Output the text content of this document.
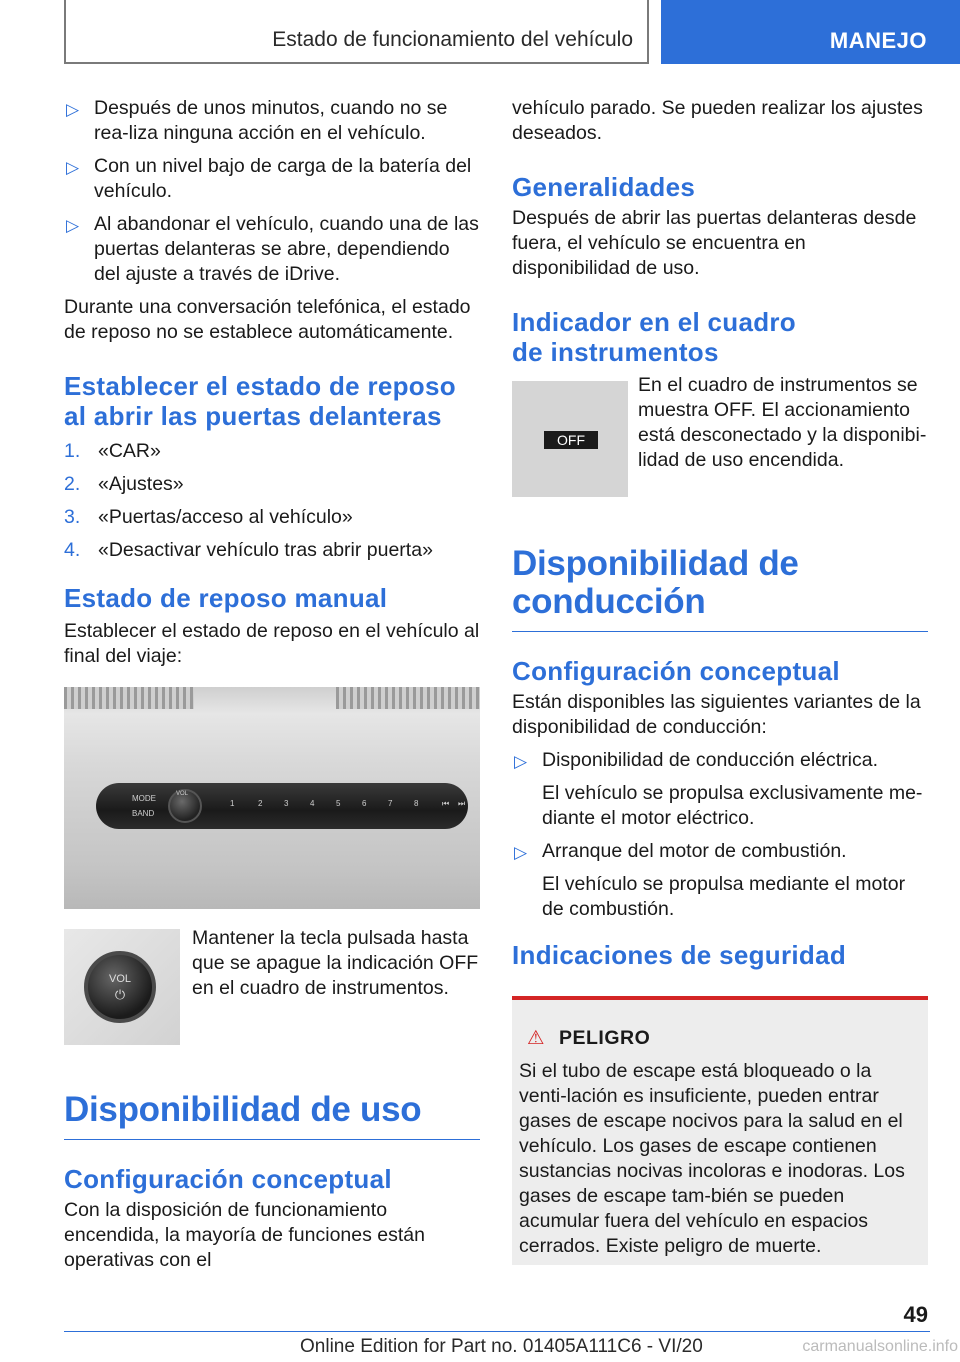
Estado de funcionamiento del vehículo	MANEJO
▷ Después de unos minutos, cuando no se rea-liza ninguna acción en el vehículo.
▷ Con un nivel bajo de carga de la batería del vehículo.
▷ Al abandonar el vehículo, cuando una de las puertas delanteras se abre, dependiendo del ajuste a través de iDrive.

Durante una conversación telefónica, el estado de reposo no se establece automáticamente.

Establecer el estado de reposo al abrir las puertas delanteras
1. «CAR»
2. «Ajustes»
3. «Puertas/acceso al vehículo»
4. «Desactivar vehículo tras abrir puerta»
Estado de reposo manual

Establecer el estado de reposo en el vehículo al final del viaje:

MODE
BAND
VOL
1	2	3	4	5	6	7	8	⏮ ⏭
VOL
⏻

Mantener la tecla pulsada hasta que se apague la indicación OFF en el cuadro de instrumentos.

Disponibilidad de uso
Configuración conceptual

Con la disposición de funcionamiento encendida, la mayoría de funciones están operativas con el

vehículo parado. Se pueden realizar los ajustes deseados.

Generalidades

Después de abrir las puertas delanteras desde fuera, el vehículo se encuentra en disponibilidad de uso.

Indicador en el cuadro
de instrumentos
OFF

En el cuadro de instrumentos se muestra OFF. El accionamiento está desconectado y la disponibi-lidad de uso encendida.

Disponibilidad de conducción
Configuración conceptual

Están disponibles las siguientes variantes de la disponibilidad de conducción:

▷ Disponibilidad de conducción eléctrica.
El vehículo se propulsa exclusivamente me-diante el motor eléctrico.
▷ Arranque del motor de combustión.
El vehículo se propulsa mediante el motor de combustión.
Indicaciones de seguridad
⚠ PELIGRO

Si el tubo de escape está bloqueado o la venti-lación es insuficiente, pueden entrar gases de escape nocivos para la salud en el vehículo. Los gases de escape contienen sustancias nocivas incoloras e inodoras. Los gases de escape tam-bién se pueden acumular fuera del vehículo en espacios cerrados. Existe peligro de muerte.

49
Online Edition for Part no. 01405A111C6 - VI/20	carmanualsonline.info
